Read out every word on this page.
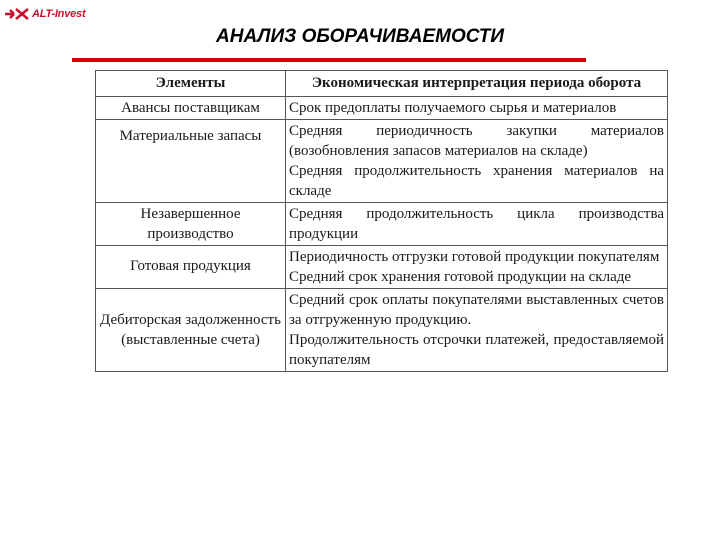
ALT-Invest
АНАЛИЗ ОБОРАЧИВАЕМОСТИ
Элементы	Экономическая интерпретация периода оборота
Авансы поставщикам	Срок предоплаты получаемого сырья и материалов

Материальные запасы	Средняя периодичность закупки материалов (возобновления запасов материалов на складе)
Средняя продолжительность хранения материалов на складе

Незавершенное производство	Средняя продолжительность цикла производства продукции

Готовая продукция	Периодичность отгрузки готовой продукции покупателям
Средний срок хранения готовой продукции на складе

Дебиторская задолженность (выставленные счета)	Средний срок оплаты покупателями выставленных счетов за отгруженную продукцию.
Продолжительность отсрочки платежей, предоставляемой покупателям
